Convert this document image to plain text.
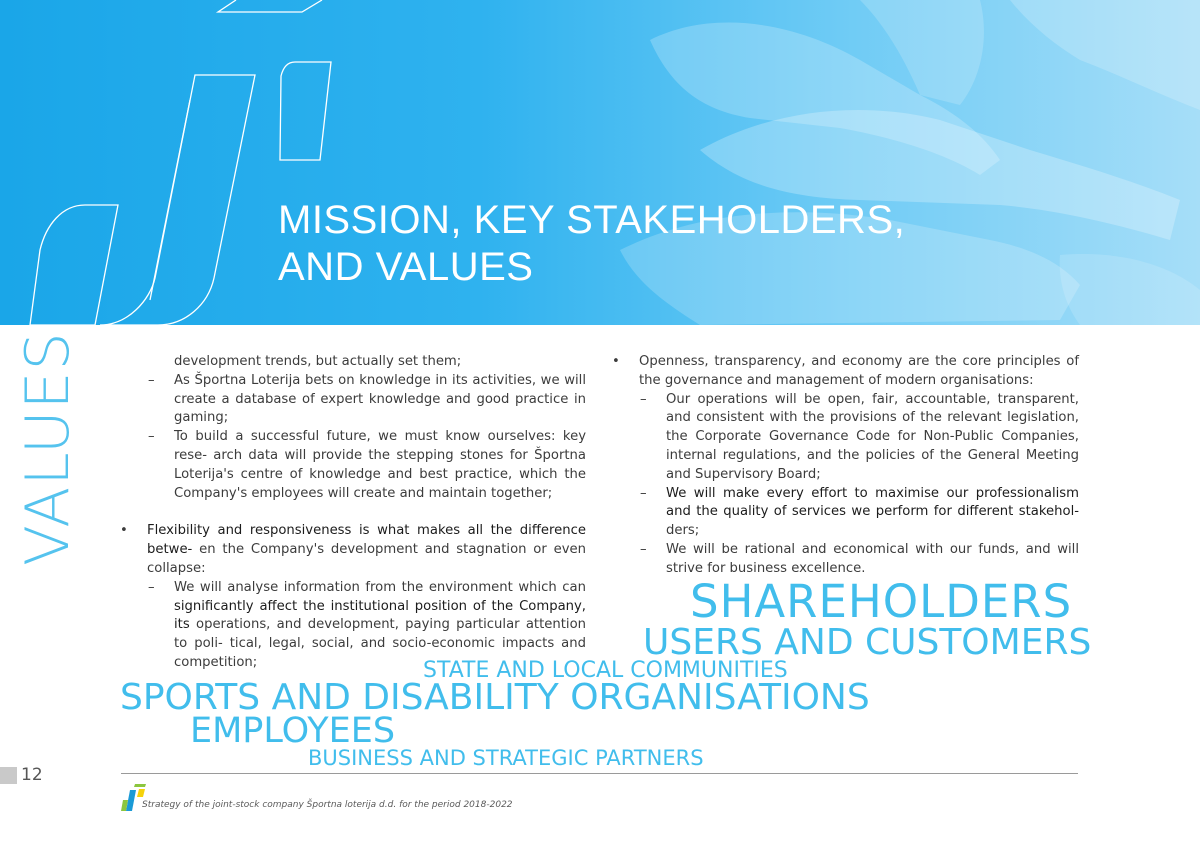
MISSION, KEY STAKEHOLDERS,
AND VALUES
VALUES	development trends, but actually set them;

– As Športna Loterija bets on knowledge in its activities, we will create a database of expert knowledge and good practice in gaming;

– To build a successful future, we must know ourselves: key rese- arch data will provide the stepping stones for Športna Loterija's centre of knowledge and best practice, which the Company's employees will create and maintain together;

• Flexibility and responsiveness is what makes all the difference betwe- en the Company's development and stagnation or even collapse:

– We will analyse information from the environment which can significantly affect the institutional position of the Company, its operations, and development, paying particular attention to poli- tical, legal, social, and socio-economic impacts and competition;

• Openness, transparency, and economy are the core principles of the governance and management of modern organisations:

– Our operations will be open, fair, accountable, transparent, and consistent with the provisions of the relevant legislation, the Corporate Governance Code for Non-Public Companies, internal regulations, and the policies of the General Meeting and Supervisory Board;

– We will make every effort to maximise our professionalism and the quality of services we perform for different stakehol- ders;

– We will be rational and economical with our funds, and will strive for business excellence.

SHAREHOLDERS

USERS AND CUSTOMERS

STATE AND LOCAL COMMUNITIES

SPORTS AND DISABILITY ORGANISATIONS

EMPLOYEES

BUSINESS AND STRATEGIC PARTNERS

12
Strategy of the joint-stock company Športna loterija d.d. for the period 2018-2022
